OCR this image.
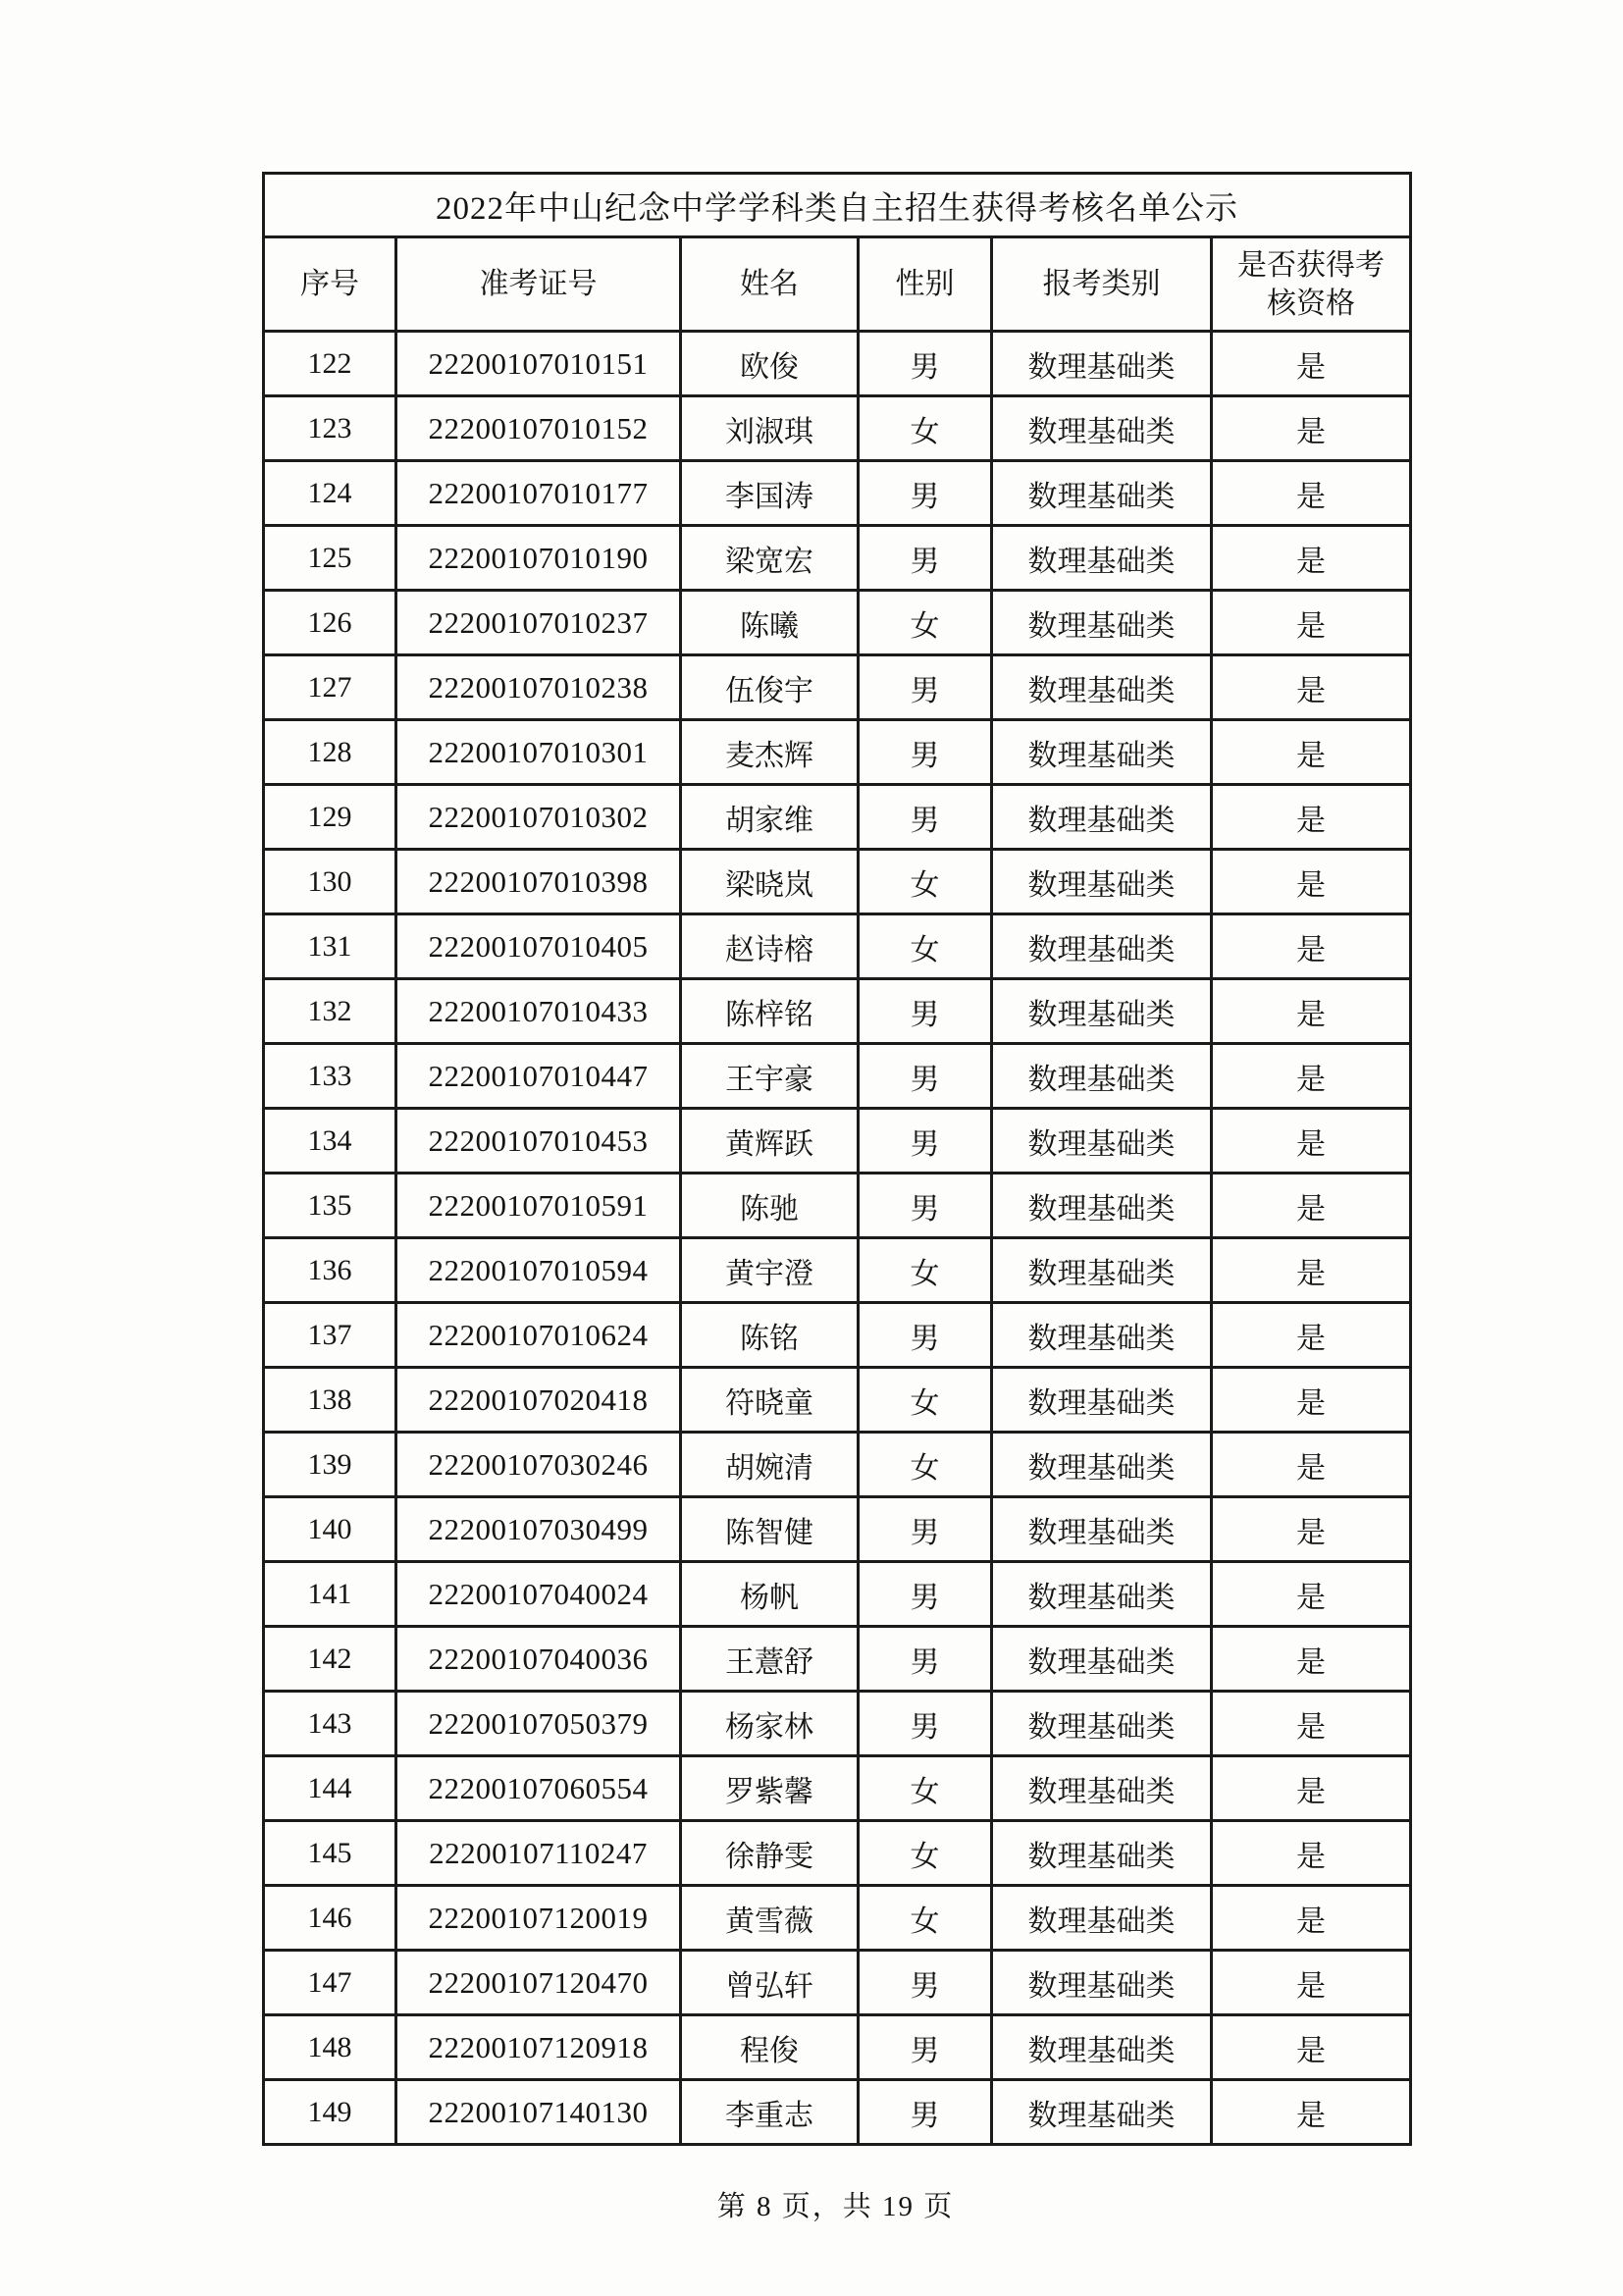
2022年中山纪念中学学科类自主招生获得考核名单公示					
序号	准考证号	姓名	性别	报考类别	是否获得考核资格
122	22200107010151	欧俊	男	数理基础类	是
123	22200107010152	刘淑琪	女	数理基础类	是
124	22200107010177	李国涛	男	数理基础类	是
125	22200107010190	梁宽宏	男	数理基础类	是
126	22200107010237	陈曦	女	数理基础类	是
127	22200107010238	伍俊宇	男	数理基础类	是
128	22200107010301	麦杰辉	男	数理基础类	是
129	22200107010302	胡家维	男	数理基础类	是
130	22200107010398	梁晓岚	女	数理基础类	是
131	22200107010405	赵诗榕	女	数理基础类	是
132	22200107010433	陈梓铭	男	数理基础类	是
133	22200107010447	王宇豪	男	数理基础类	是
134	22200107010453	黄辉跃	男	数理基础类	是
135	22200107010591	陈驰	男	数理基础类	是
136	22200107010594	黄宇澄	女	数理基础类	是
137	22200107010624	陈铭	男	数理基础类	是
138	22200107020418	符晓童	女	数理基础类	是
139	22200107030246	胡婉清	女	数理基础类	是
140	22200107030499	陈智健	男	数理基础类	是
141	22200107040024	杨帆	男	数理基础类	是
142	22200107040036	王薏舒	男	数理基础类	是
143	22200107050379	杨家林	男	数理基础类	是
144	22200107060554	罗紫馨	女	数理基础类	是
145	22200107110247	徐静雯	女	数理基础类	是
146	22200107120019	黄雪薇	女	数理基础类	是
147	22200107120470	曾弘轩	男	数理基础类	是
148	22200107120918	程俊	男	数理基础类	是
149	22200107140130	李重志	男	数理基础类	是
第 8 页，共 19 页
